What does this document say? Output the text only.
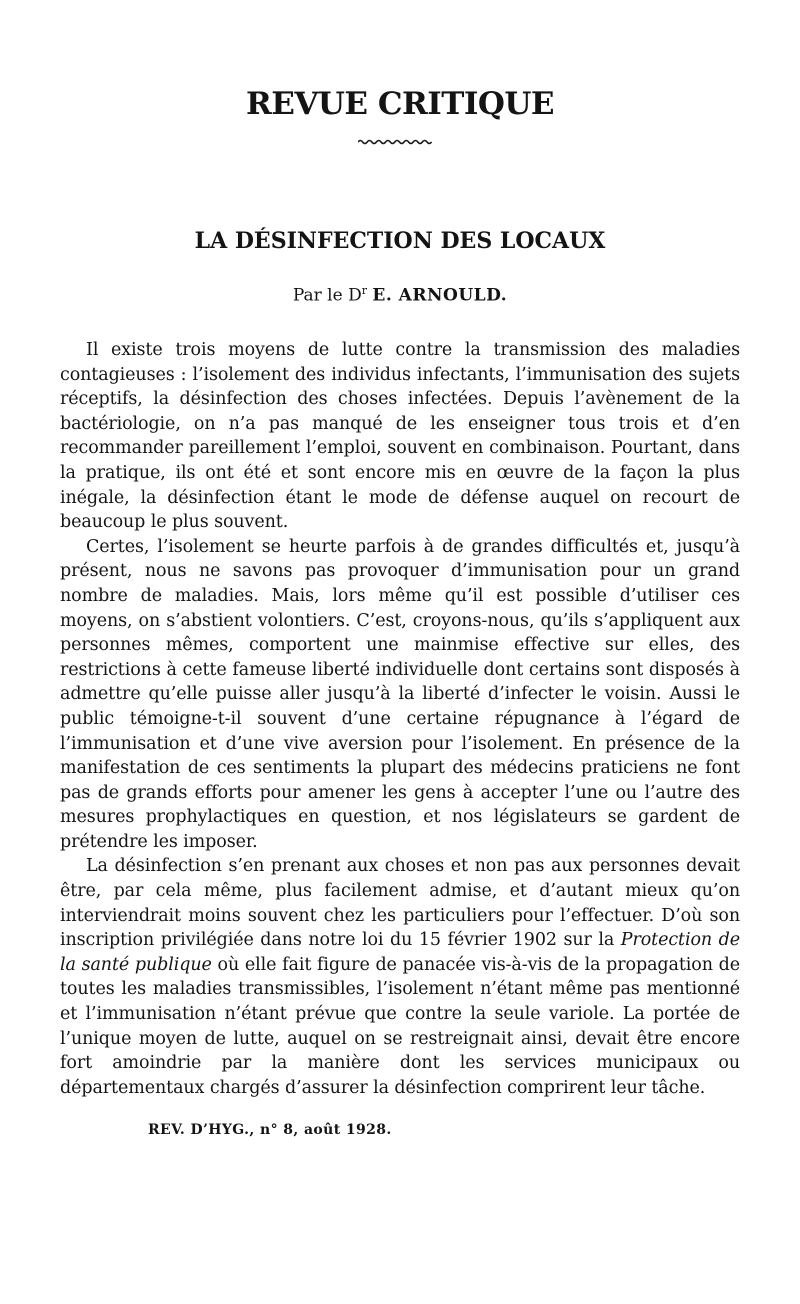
REVUE CRITIQUE
LA DÉSINFECTION DES LOCAUX
Par le $D^r$ E. ARNOULD.

Il existe trois moyens de lutte contre la transmission des maladies contagieuses : l’isolement des individus infectants, l’immunisation des sujets réceptifs, la désinfection des choses infectées. Depuis l’avènement de la bactériologie, on n’a pas manqué de les enseigner tous trois et d’en recommander pareillement l’emploi, souvent en combinaison. Pourtant, dans la pratique, ils ont été et sont encore mis en œuvre de la façon la plus inégale, la désinfection étant le mode de défense auquel on recourt de beaucoup le plus souvent.

Certes, l’isolement se heurte parfois à de grandes difficultés et, jusqu’à présent, nous ne savons pas provoquer d’immunisation pour un grand nombre de maladies. Mais, lors même qu’il est possible d’utiliser ces moyens, on s’abstient volontiers. C’est, croyons-nous, qu’ils s’appliquent aux personnes mêmes, comportent une mainmise effective sur elles, des restrictions à cette fameuse liberté individuelle dont certains sont disposés à admettre qu’elle puisse aller jusqu’à la liberté d’infecter le voisin. Aussi le public témoigne-t-il souvent d’une certaine répugnance à l’égard de l’immunisation et d’une vive aversion pour l’isolement. En présence de la manifestation de ces sentiments la plupart des médecins praticiens ne font pas de grands efforts pour amener les gens à accepter l’une ou l’autre des mesures prophylactiques en question, et nos législateurs se gardent de prétendre les imposer.

La désinfection s’en prenant aux choses et non pas aux personnes devait être, par cela même, plus facilement admise, et d’autant mieux qu’on interviendrait moins souvent chez les particuliers pour l’effectuer. D’où son inscription privilégiée dans notre loi du 15 février 1902 sur la Protection de la santé publique où elle fait figure de panacée vis-à-vis de la propagation de toutes les maladies transmissibles, l’isolement n’étant même pas mentionné et l’immunisation n’étant prévue que contre la seule variole. La portée de l’unique moyen de lutte, auquel on se restreignait ainsi, devait être encore fort amoindrie par la manière dont les services municipaux ou départementaux chargés d’assurer la désinfection comprirent leur tâche.

REV. D’HYG., n° 8, août 1928.
